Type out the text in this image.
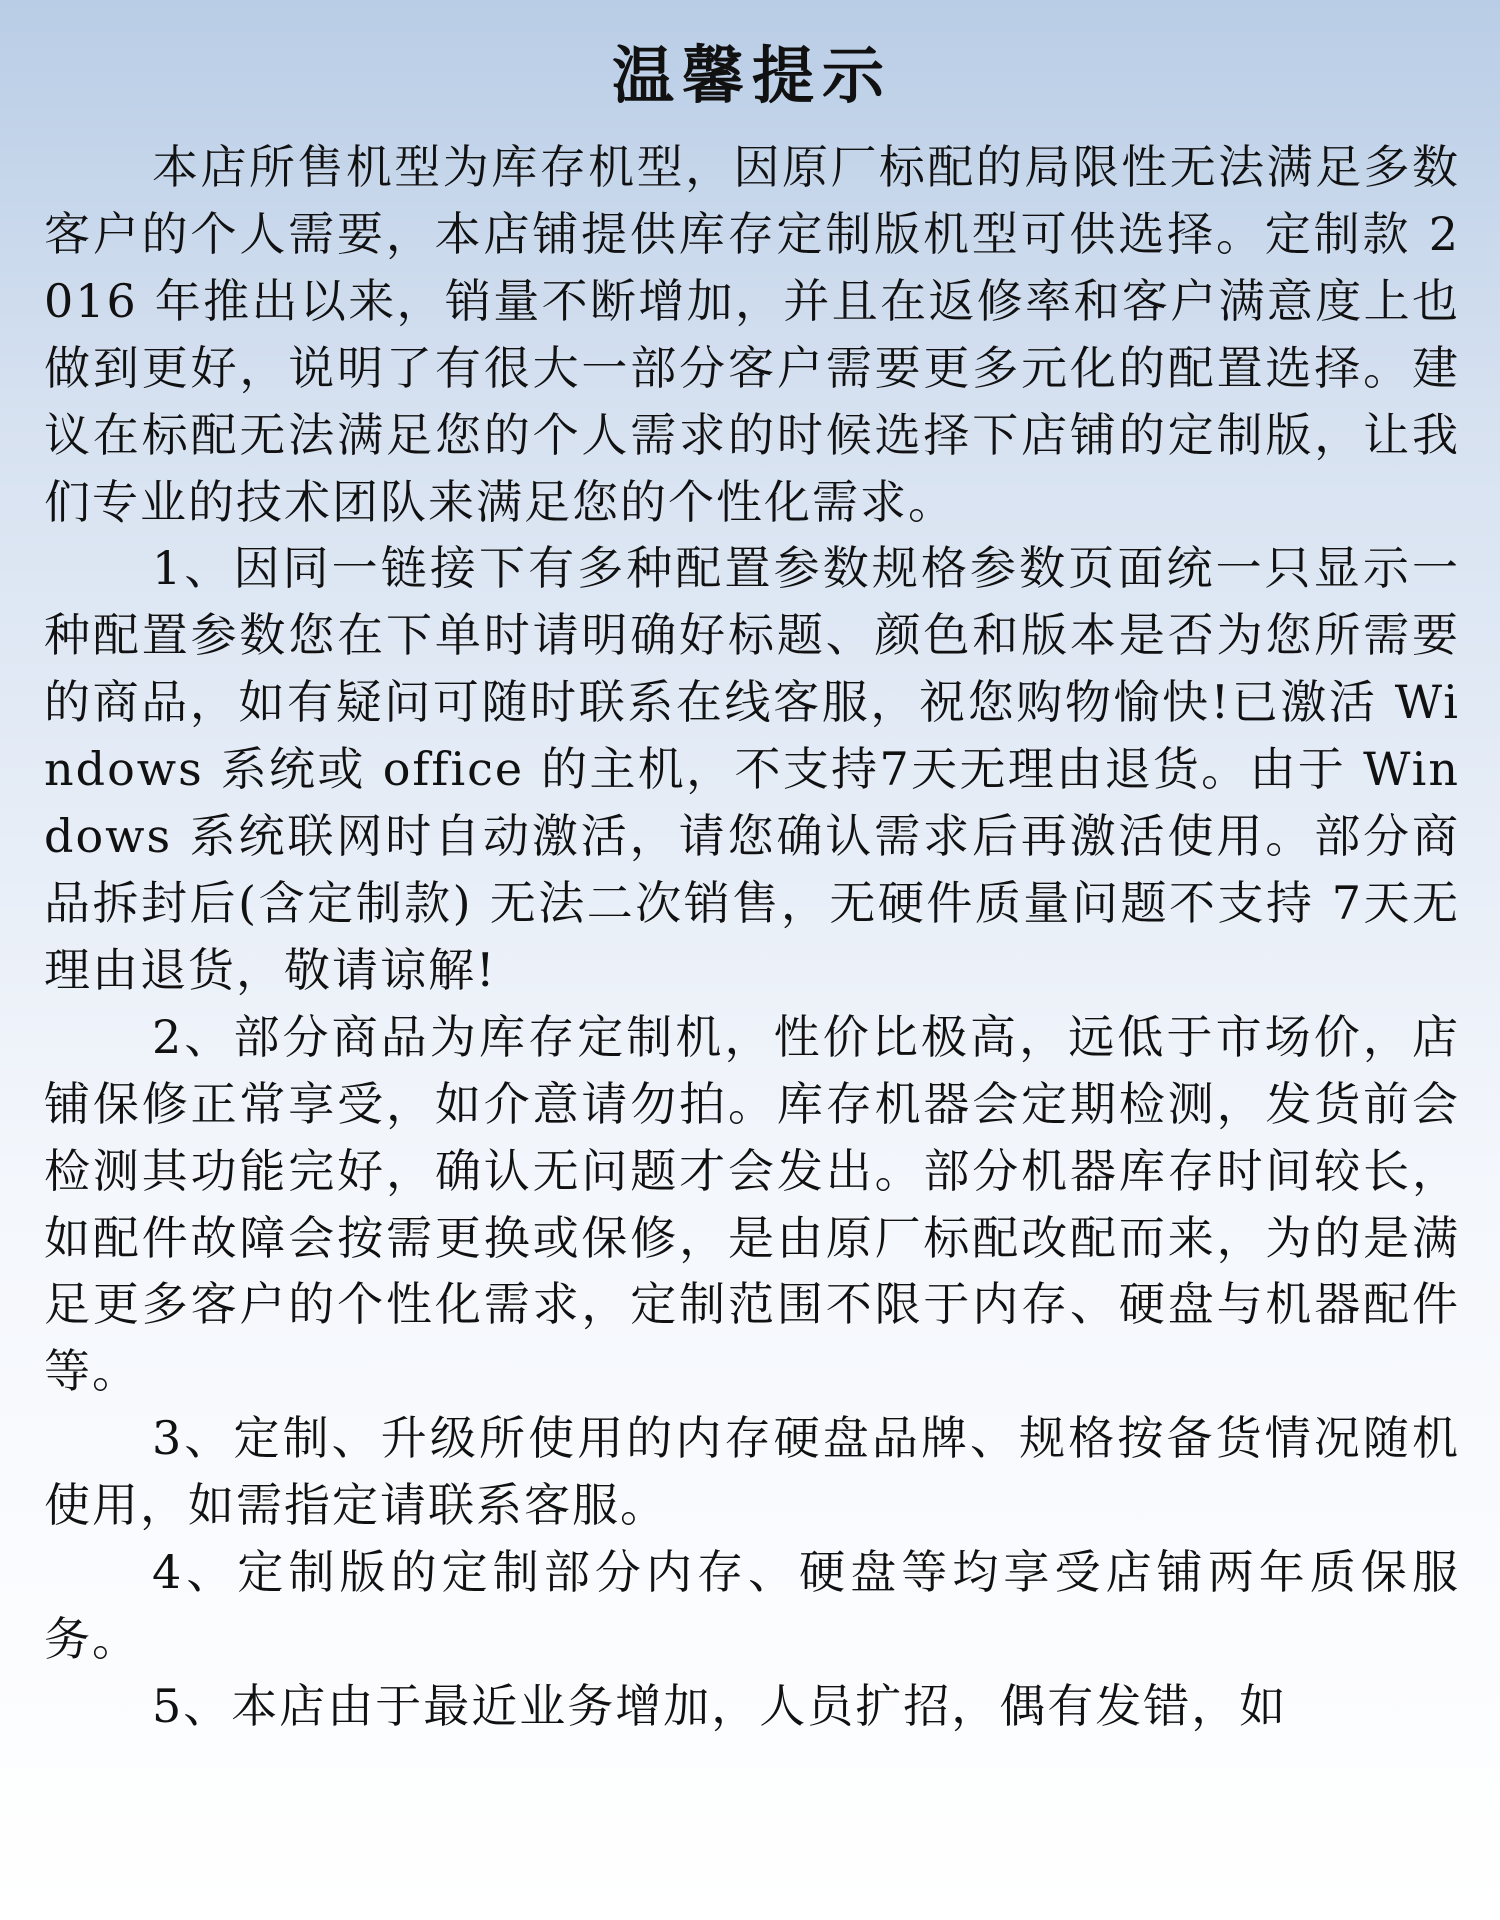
温馨提示

本店所售机型为库存机型，因原厂标配的局限性无法满足多数客户的个人需要，本店铺提供库存定制版机型可供选择。定制款 2016 年推出以来，销量不断增加，并且在返修率和客户满意度上也做到更好，说明了有很大一部分客户需要更多元化的配置选择。建议在标配无法满足您的个人需求的时候选择下店铺的定制版，让我们专业的技术团队来满足您的个性化需求。

1、因同一链接下有多种配置参数规格参数页面统一只显示一种配置参数您在下单时请明确好标题、颜色和版本是否为您所需要的商品，如有疑问可随时联系在线客服，祝您购物愉快!已激活 Windows 系统或 office 的主机，不支持7天无理由退货。由于 Windows 系统联网时自动激活，请您确认需求后再激活使用。部分商品拆封后(含定制款) 无法二次销售，无硬件质量问题不支持 7天无理由退货，敬请谅解!

2、部分商品为库存定制机，性价比极高，远低于市场价，店铺保修正常享受，如介意请勿拍。库存机器会定期检测，发货前会检测其功能完好，确认无问题才会发出。部分机器库存时间较长，如配件故障会按需更换或保修，是由原厂标配改配而来，为的是满足更多客户的个性化需求，定制范围不限于内存、硬盘与机器配件等。

3、定制、升级所使用的内存硬盘品牌、规格按备货情况随机使用，如需指定请联系客服。

4、定制版的定制部分内存、硬盘等均享受店铺两年质保服务。

5、本店由于最近业务增加，人员扩招，偶有发错，如
